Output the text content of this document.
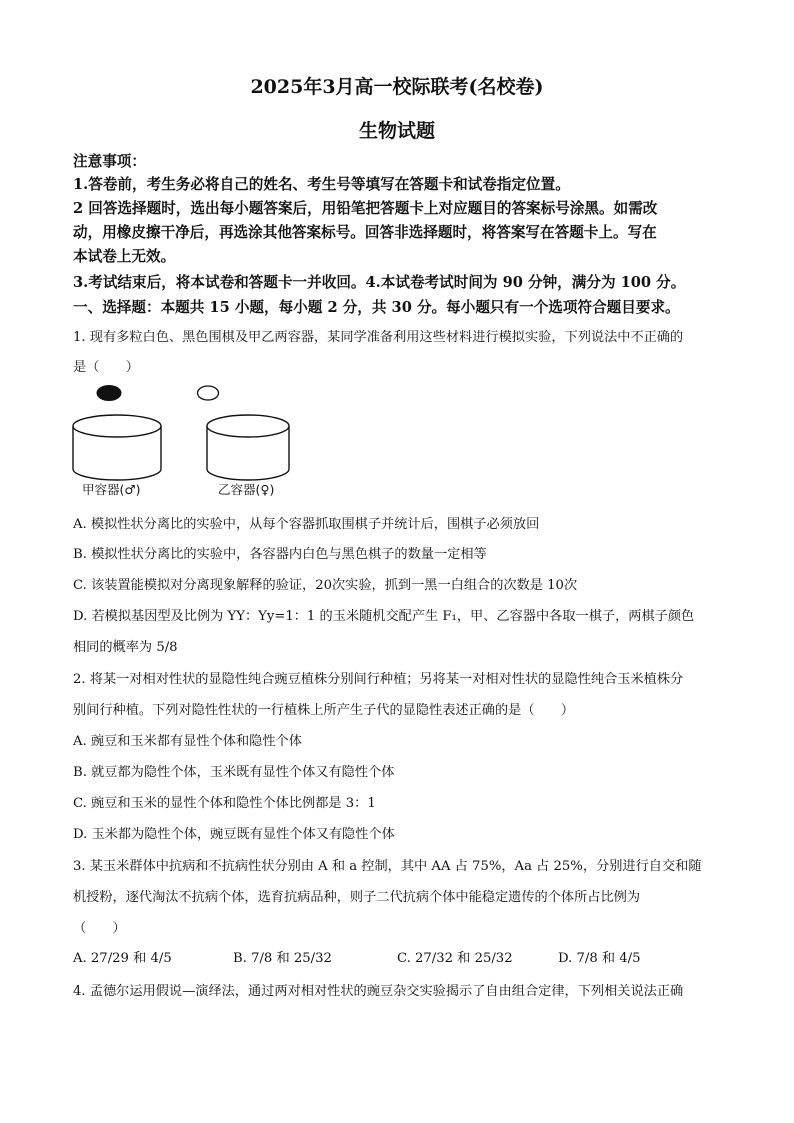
2025年3月高一校际联考(名校卷)
生物试题
注意事项：
1.答卷前，考生务必将自己的姓名、考生号等填写在答题卡和试卷指定位置。
2 回答选择题时，选出每小题答案后，用铅笔把答题卡上对应题目的答案标号涂黑。如需改
动，用橡皮擦干净后，再选涂其他答案标号。回答非选择题时，将答案写在答题卡上。写在
本试卷上无效。
3.考试结束后，将本试卷和答题卡一并收回。4.本试卷考试时间为 90 分钟，满分为 100 分。
一、选择题：本题共 15 小题，每小题 2 分，共 30 分。每小题只有一个选项符合题目要求。
1. 现有多粒白色、黑色围棋及甲乙两容器，某同学准备利用这些材料进行模拟实验，下列说法中不正确的
是（　　）
甲容器(♂)	乙容器(♀)
A. 模拟性状分离比的实验中，从每个容器抓取围棋子并统计后，围棋子必须放回
B. 模拟性状分离比的实验中，各容器内白色与黑色棋子的数量一定相等
C. 该装置能模拟对分离现象解释的验证，20次实验，抓到一黑一白组合的次数是 10次
D. 若模拟基因型及比例为 YY：Yy=1：1 的玉米随机交配产生 F₁，甲、乙容器中各取一棋子，两棋子颜色
相同的概率为 5/8
2. 将某一对相对性状的显隐性纯合豌豆植株分别间行种植；另将某一对相对性状的显隐性纯合玉米植株分
别间行种植。下列对隐性性状的一行植株上所产生子代的显隐性表述正确的是（　　）
A. 豌豆和玉米都有显性个体和隐性个体
B. 就豆都为隐性个体，玉米既有显性个体又有隐性个体
C. 豌豆和玉米的显性个体和隐性个体比例都是 3：1
D. 玉米都为隐性个体，豌豆既有显性个体又有隐性个体
3. 某玉米群体中抗病和不抗病性状分别由 A 和 a 控制，其中 AA 占 75%，Aa 占 25%，分别进行自交和随
机授粉，逐代淘汰不抗病个体，选育抗病品种，则子二代抗病个体中能稳定遗传的个体所占比例为
（　　）
A. 27/29 和 4/5	B. 7/8 和 25/32	C. 27/32 和 25/32	D. 7/8 和 4/5
4. 孟德尔运用假说—演绎法，通过两对相对性状的豌豆杂交实验揭示了自由组合定律，下列相关说法正确
